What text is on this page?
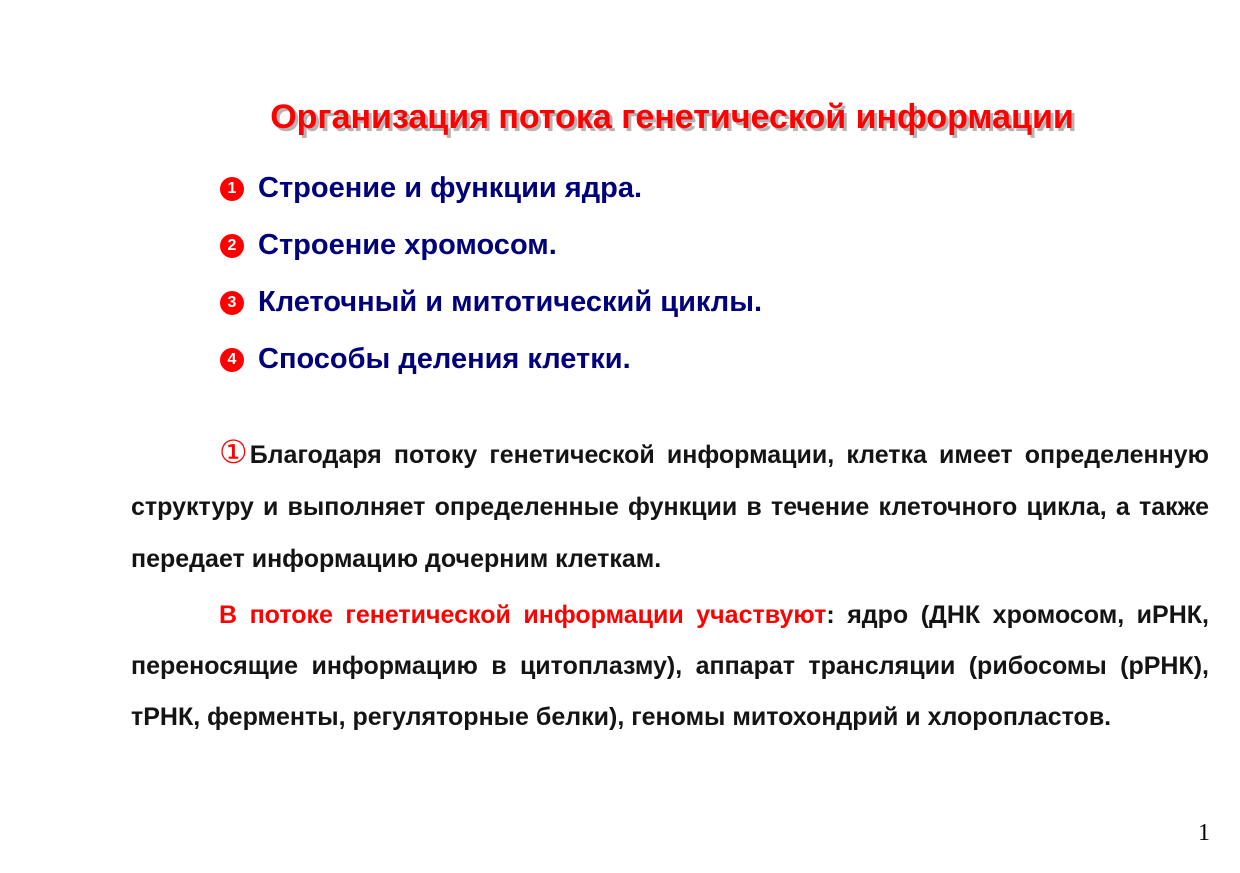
Организация потока генетической информации
1 Строение и функции ядра.
2 Строение хромосом.
3 Клеточный и митотический циклы.
4 Способы деления клетки.

①Благодаря потоку генетической информации, клетка имеет определенную структуру и выполняет определенные функции в течение клеточного цикла, а также передает информацию дочерним клеткам.

В потоке генетической информации участвуют: ядро (ДНК хромосом, иРНК, переносящие информацию в цитоплазму), аппарат трансляции (рибосомы (рРНК), тРНК, ферменты, регуляторные белки), геномы митохондрий и хлоропластов.

1
